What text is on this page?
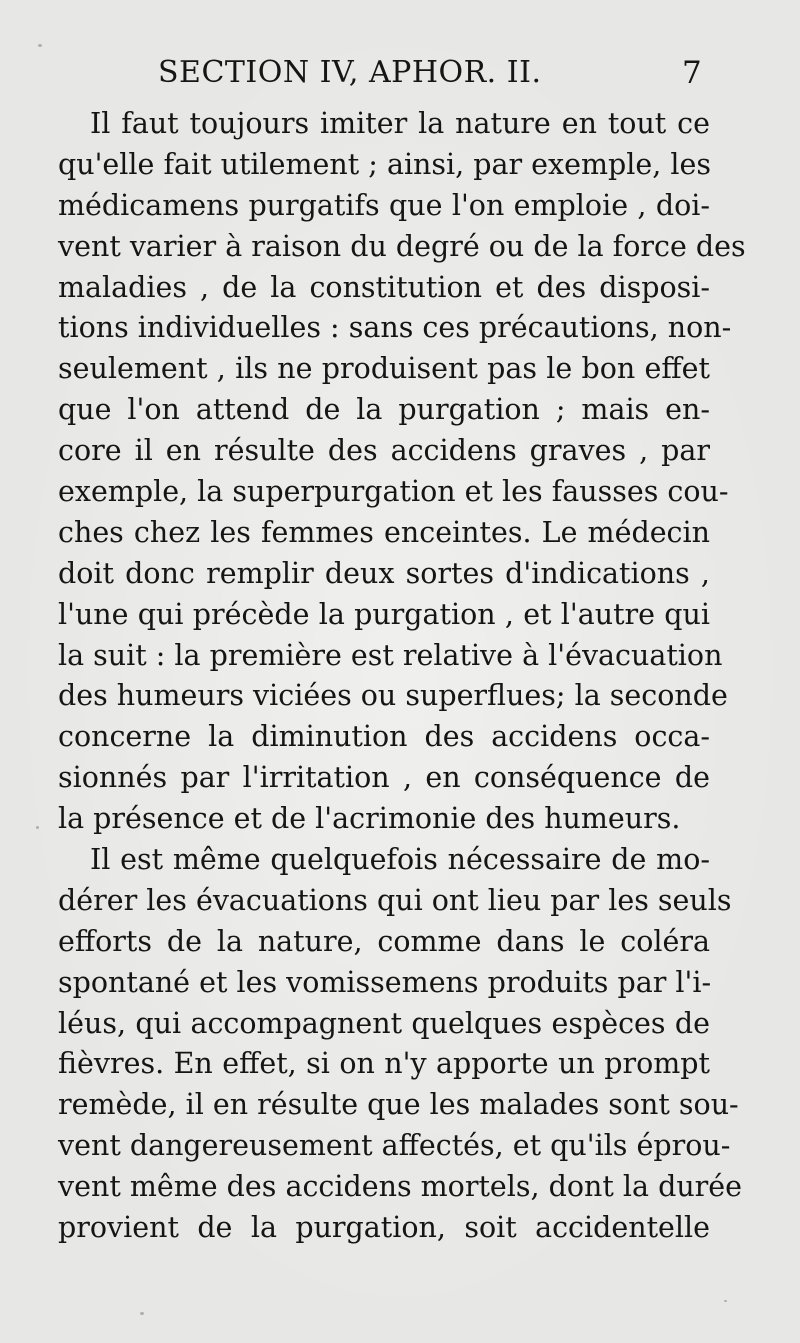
SECTION IV, APHOR. II.	7
Il faut toujours imiter la nature en tout ce
qu'elle fait utilement ; ainsi, par exemple, les
médicamens purgatifs que l'on emploie , doi-
vent varier à raison du degré ou de la force des
maladies , de la constitution et des disposi-
tions individuelles : sans ces précautions, non-
seulement , ils ne produisent pas le bon effet
que l'on attend de la purgation ; mais en-
core il en résulte des accidens graves , par
exemple, la superpurgation et les fausses cou-
ches chez les femmes enceintes. Le médecin
doit donc remplir deux sortes d'indications ,
l'une qui précède la purgation , et l'autre qui
la suit : la première est relative à l'évacuation
des humeurs viciées ou superflues; la seconde
concerne la diminution des accidens occa-
sionnés par l'irritation , en conséquence de
la présence et de l'acrimonie des humeurs.
Il est même quelquefois nécessaire de mo-
dérer les évacuations qui ont lieu par les seuls
efforts de la nature, comme dans le coléra
spontané et les vomissemens produits par l'i-
léus, qui accompagnent quelques espèces de
fièvres. En effet, si on n'y apporte un prompt
remède, il en résulte que les malades sont sou-
vent dangereusement affectés, et qu'ils éprou-
vent même des accidens mortels, dont la durée
provient de la purgation, soit accidentelle
